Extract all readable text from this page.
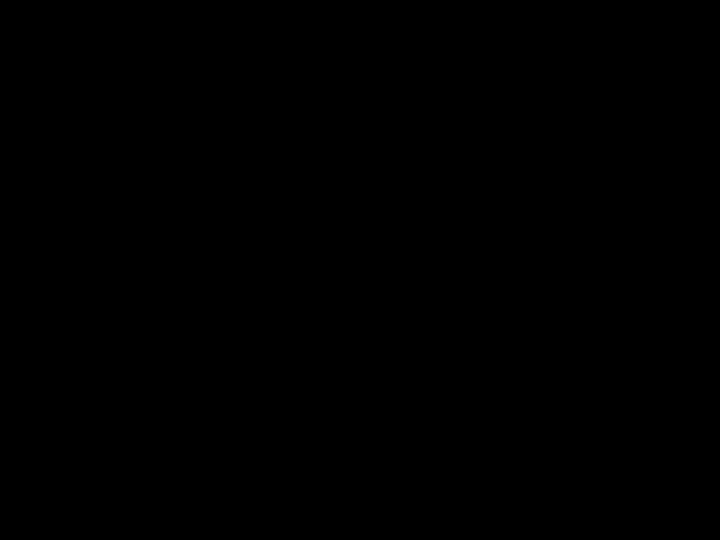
Proprietà dell'amianto
Proprietà	Valori	Cause
Bassa densità	d = 2.55g/cm ³	E' un fillosilicato di Mg e Si con interstrato vuoto (?) e cavità centrale attorno alla fibrilla
Basso coefficiente di trasmissione termica.
Conducibilità termica: <0.1 Kcal/m²
Caratteristico dei materiali a bassa densità è favorito dal chimismo del crisolito.
Lavorabilità (filabilità)	Eccellente con possibilità di ottenere fibre industriali con Φ ≈ 0.1-1 μm
Dovuta all'abito ASBESTIFORME (aggregati di fibrille a formare fibre flessuose)
Alto modulo elastico e res. alla trazione Rt.
Rt = 490-1961 MPa	Possibilità di "stirare" la fibra lungo il suo asse maggiore per rottura ponti idrogeno e scivolamento degli strati TO.
Grande superficie Specifica
Misura superficie specifica con BET (N₂): 20-40 m²/g
Trattandosi di fibre monodimensionali di dimensioni molto piccole (generalmente con dimetro inferiore ad 1 μm e lunghezza 2-10 μm), la superficie specifica è molto alta.
A queste va aggiunto il fatto che è una nuova materia prima naturale di basso costo!
